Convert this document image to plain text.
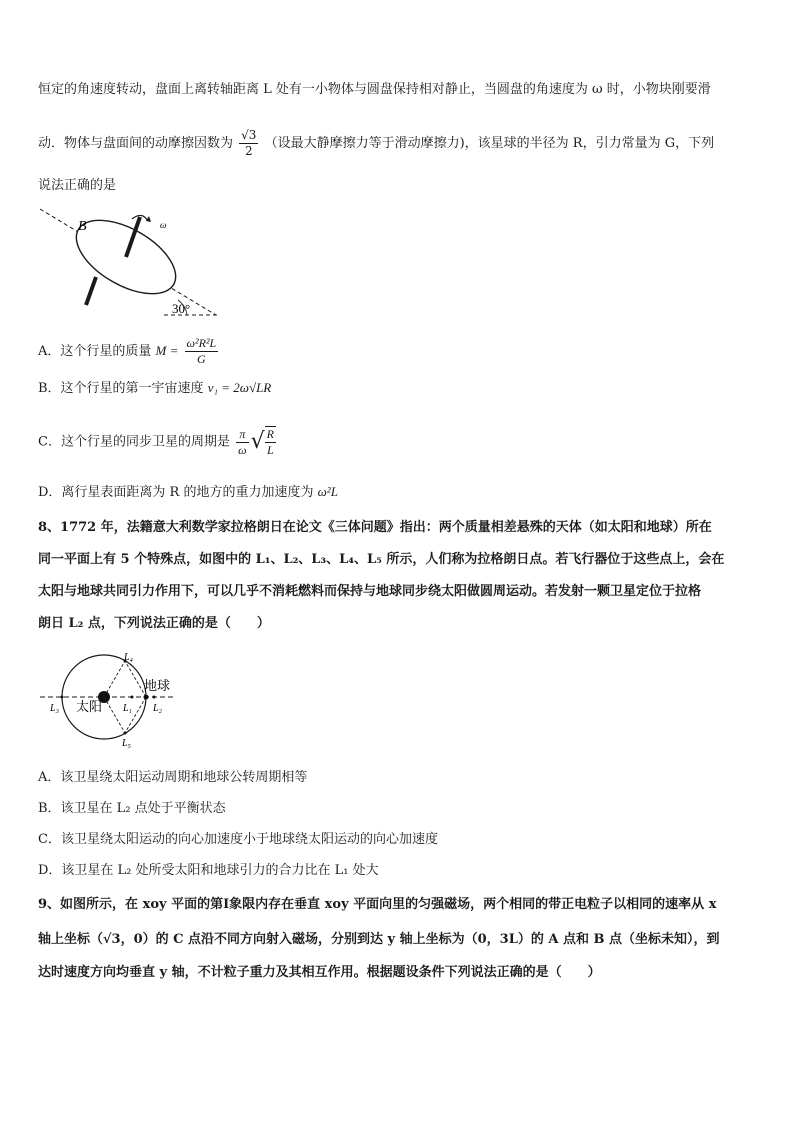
恒定的角速度转动，盘面上离转轴距离 L 处有一小物体与圆盘保持相对静止，当圆盘的角速度为 ω 时，小物块刚要滑
动．物体与盘面间的动摩擦因数为 $\frac{√3}{2}$ （设最大静摩擦力等于滑动摩擦力)，该星球的半径为 R，引力常量为 G，下列
说法正确的是
B	ω
30°
A．这个行星的质量 $M = \frac{\text{ω²R²L}}{G}$
B．这个行星的第一宇宙速度 v₁ = 2ω√LR
C．这个行星的同步卫星的周期是 $\frac{\pi}{\omega}$ √ $\frac{R}{L}$
D．离行星表面距离为 R 的地方的重力加速度为 ω²L
8、1772 年，法籍意大利数学家拉格朗日在论文《三体问题》指出：两个质量相差悬殊的天体（如太阳和地球）所在
同一平面上有 5 个特殊点，如图中的 L₁、L₂、L₃、L₄、L₅ 所示，人们称为拉格朗日点。若飞行器位于这些点上，会在
太阳与地球共同引力作用下，可以几乎不消耗燃料而保持与地球同步绕太阳做圆周运动。若发射一颗卫星定位于拉格
朗日 L₂ 点，下列说法正确的是（　　）
太阳
地球
L₁ L₂
L₃
L₄
L₅
A．该卫星绕太阳运动周期和地球公转周期相等
B．该卫星在 L₂ 点处于平衡状态
C．该卫星绕太阳运动的向心加速度小于地球绕太阳运动的向心加速度
D．该卫星在 L₂ 处所受太阳和地球引力的合力比在 L₁ 处大
9、如图所示，在 xoy 平面的第Ⅰ象限内存在垂直 xoy 平面向里的匀强磁场，两个相同的带正电粒子以相同的速率从 x
轴上坐标（√3，0）的 C 点沿不同方向射入磁场，分别到达 y 轴上坐标为（0，3L）的 A 点和 B 点（坐标未知），到
达时速度方向均垂直 y 轴，不计粒子重力及其相互作用。根据题设条件下列说法正确的是（　　）
